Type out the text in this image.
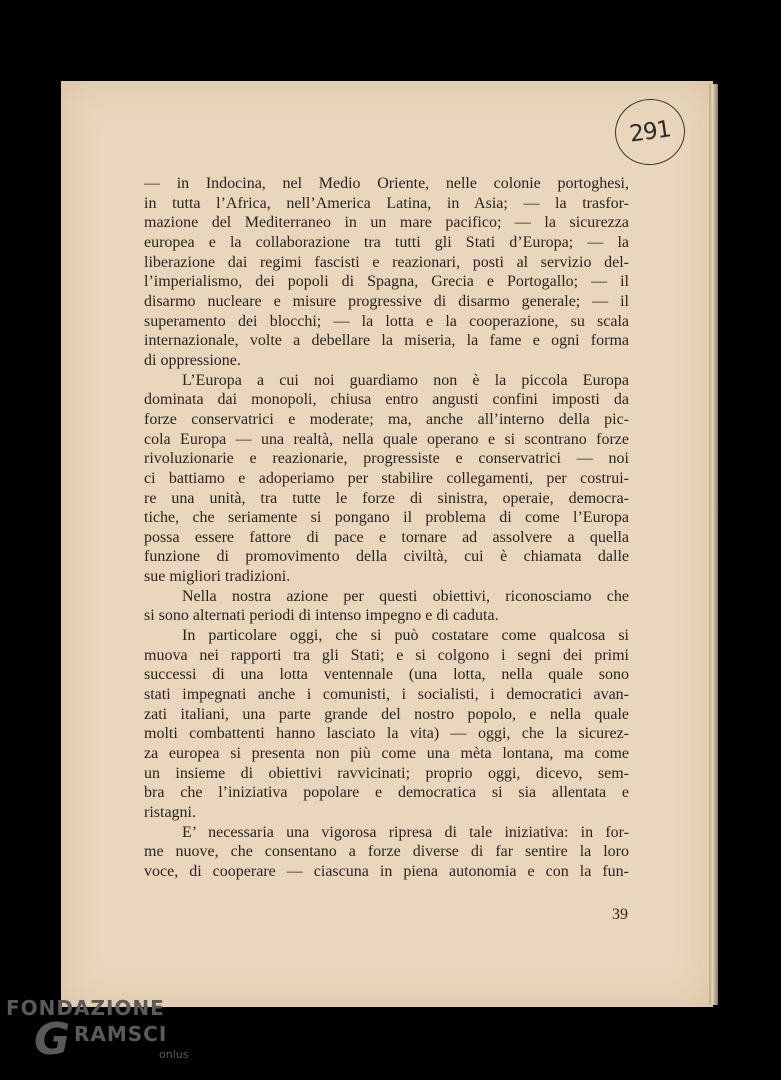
291
— in Indocina, nel Medio Oriente, nelle colonie portoghesi,
in tutta l’Africa, nell’America Latina, in Asia; — la trasfor-
mazione del Mediterraneo in un mare pacifico; — la sicurezza
europea e la collaborazione tra tutti gli Stati d’Europa; — la
liberazione dai regimi fascisti e reazionari, posti al servizio del-
l’imperialismo, dei popoli di Spagna, Grecia e Portogallo; — il
disarmo nucleare e misure progressive di disarmo generale; — il
superamento dei blocchi; — la lotta e la cooperazione, su scala
internazionale, volte a debellare la miseria, la fame e ogni forma
di oppressione.
L’Europa a cui noi guardiamo non è la piccola Europa
dominata dai monopoli, chiusa entro angusti confini imposti da
forze conservatrici e moderate; ma, anche all’interno della pic-
cola Europa — una realtà, nella quale operano e si scontrano forze
rivoluzionarie e reazionarie, progressiste e conservatrici — noi
ci battiamo e adoperiamo per stabilire collegamenti, per costrui-
re una unità, tra tutte le forze di sinistra, operaie, democra-
tiche, che seriamente si pongano il problema di come l’Europa
possa essere fattore di pace e tornare ad assolvere a quella
funzione di promovimento della civiltà, cui è chiamata dalle
sue migliori tradizioni.
Nella nostra azione per questi obiettivi, riconosciamo che
si sono alternati periodi di intenso impegno e di caduta.
In particolare oggi, che si può costatare come qualcosa si
muova nei rapporti tra gli Stati; e si colgono i segni dei primi
successi di una lotta ventennale (una lotta, nella quale sono
stati impegnati anche i comunisti, i socialisti, i democratici avan-
zati italiani, una parte grande del nostro popolo, e nella quale
molti combattenti hanno lasciato la vita) — oggi, che la sicurez-
za europea si presenta non più come una mèta lontana, ma come
un insieme di obiettivi ravvicinati; proprio oggi, dicevo, sem-
bra che l’iniziativa popolare e democratica si sia allentata e
ristagni.
E’ necessaria una vigorosa ripresa di tale iniziativa: in for-
me nuove, che consentano a forze diverse di far sentire la loro
voce, di cooperare — ciascuna in piena autonomia e con la fun-
39
FONDAZIONE
G RAMSCI
onlus
